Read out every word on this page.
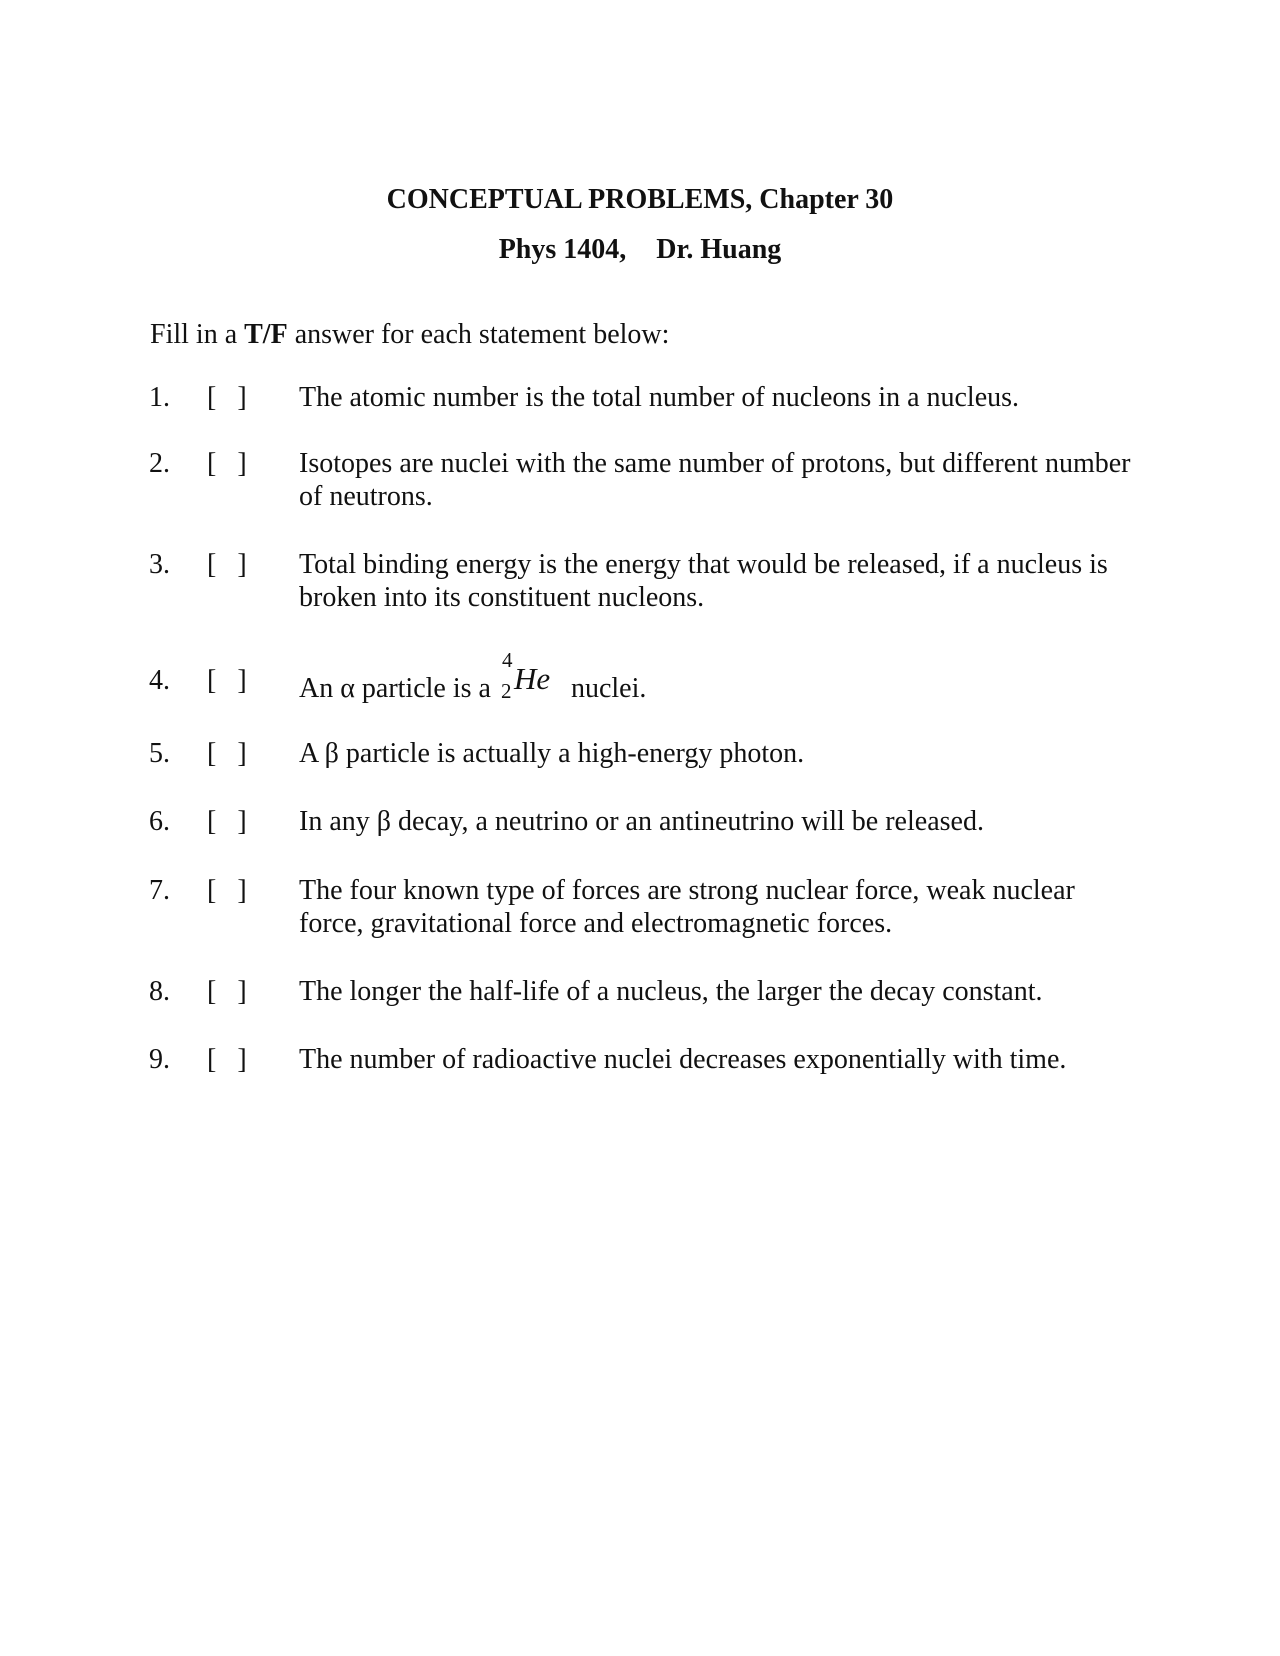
CONCEPTUAL PROBLEMS, Chapter 30
Phys 1404, Dr. Huang
Fill in a T/F answer for each statement below:
1. [   ] The atomic number is the total number of nucleons in a nucleus.
2. [   ] Isotopes are nuclei with the same number of protons, but different number of neutrons.
3. [   ] Total binding energy is the energy that would be released, if a nucleus is broken into its constituent nucleons.
4. [   ] An α particle is a
4
2 He nuclei.
5. [   ] A β particle is actually a high-energy photon.
6. [   ] In any β decay, a neutrino or an antineutrino will be released.
7. [   ] The four known type of forces are strong nuclear force, weak nuclear force, gravitational force and electromagnetic forces.
8. [   ] The longer the half-life of a nucleus, the larger the decay constant.
9. [   ] The number of radioactive nuclei decreases exponentially with time.
